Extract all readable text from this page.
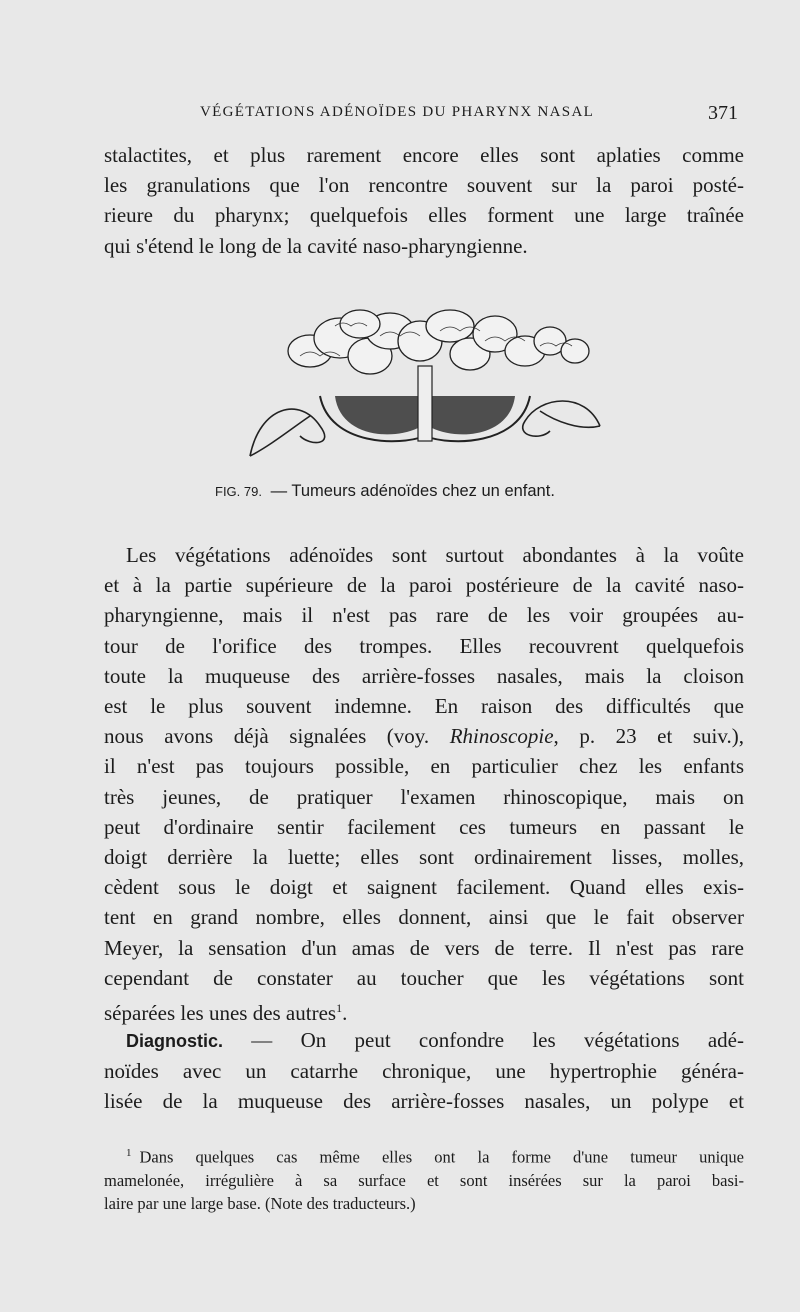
VÉGÉTATIONS ADÉNOÏDES DU PHARYNX NASAL	371

stalactites, et plus rarement encore elles sont aplaties comme
les granulations que l'on rencontre souvent sur la paroi posté-
rieure du pharynx; quelquefois elles forment une large traînée
qui s'étend le long de la cavité naso-pharyngienne.

FIG. 79. — Tumeurs adénoïdes chez un enfant.

Les végétations adénoïdes sont surtout abondantes à la voûte
et à la partie supérieure de la paroi postérieure de la cavité naso-
pharyngienne, mais il n'est pas rare de les voir groupées au-
tour de l'orifice des trompes. Elles recouvrent quelquefois
toute la muqueuse des arrière-fosses nasales, mais la cloison
est le plus souvent indemne. En raison des difficultés que
nous avons déjà signalées (voy. Rhinoscopie, p. 23 et suiv.),
il n'est pas toujours possible, en particulier chez les enfants
très jeunes, de pratiquer l'examen rhinoscopique, mais on
peut d'ordinaire sentir facilement ces tumeurs en passant le
doigt derrière la luette; elles sont ordinairement lisses, molles,
cèdent sous le doigt et saignent facilement. Quand elles exis-
tent en grand nombre, elles donnent, ainsi que le fait observer
Meyer, la sensation d'un amas de vers de terre. Il n'est pas rare
cependant de constater au toucher que les végétations sont
séparées les unes des autres$^1$.

Diagnostic. — On peut confondre les végétations adé-
noïdes avec un catarrhe chronique, une hypertrophie généra-
lisée de la muqueuse des arrière-fosses nasales, un polype et

$^1$ Dans quelques cas même elles ont la forme d'une tumeur unique
mamelonée, irrégulière à sa surface et sont insérées sur la paroi basi-
laire par une large base. (Note des traducteurs.)
